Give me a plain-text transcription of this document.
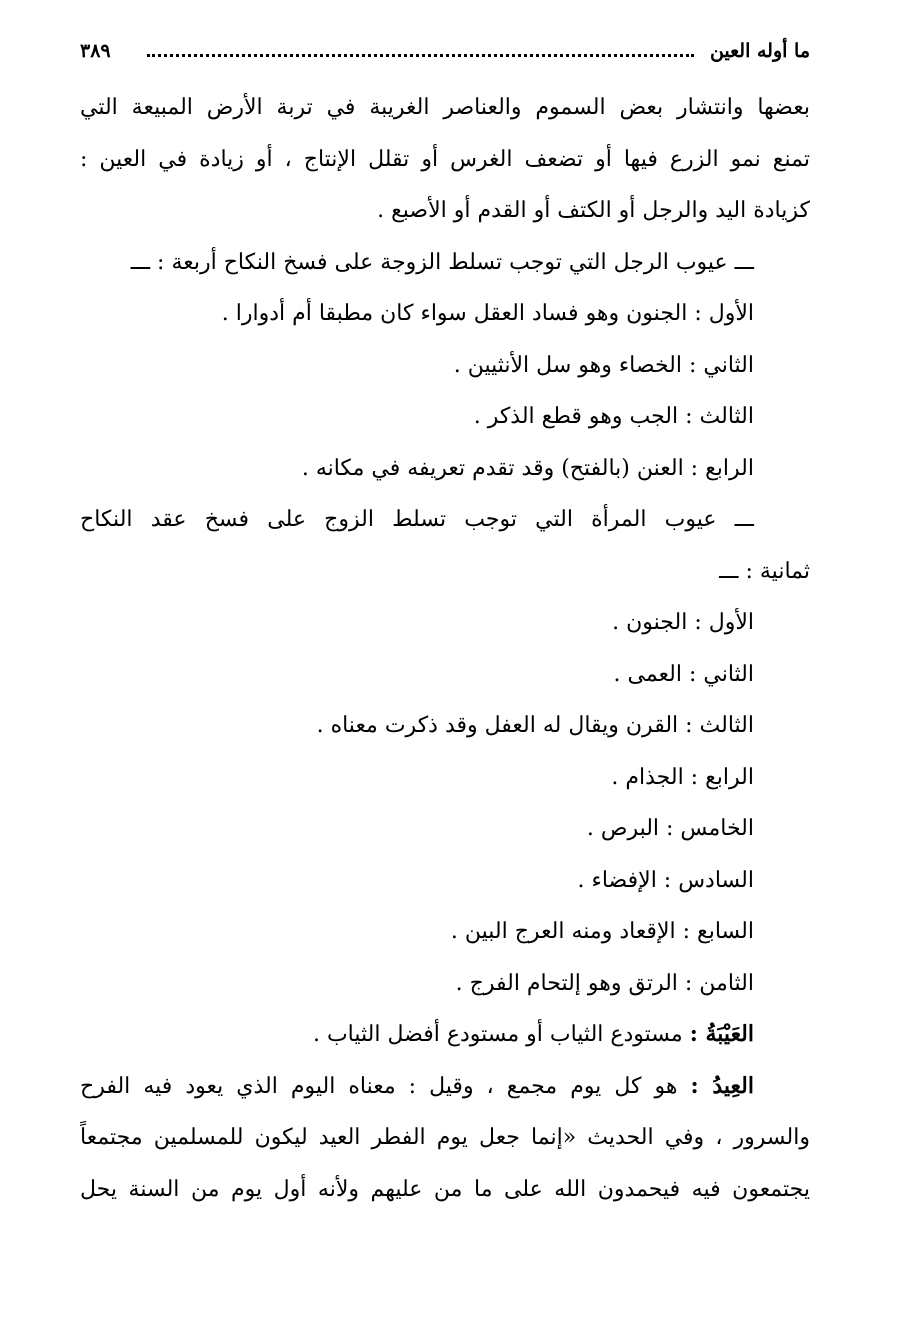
ما أوله العين
٣٨٩
بعضها وانتشار بعض السموم والعناصر الغريبة في تربة الأرض المبيعة التي
تمنع نمو الزرع فيها أو تضعف الغرس أو تقلل الإنتاج ، أو زيادة في العين :
كزيادة اليد والرجل أو الكتف أو القدم أو الأصبع .
ـــ عيوب الرجل التي توجب تسلط الزوجة على فسخ النكاح أربعة : ـــ
الأول : الجنون وهو فساد العقل سواء كان مطبقا أم أدوارا .
الثاني : الخصاء وهو سل الأنثيين .
الثالث : الجب وهو قطع الذكر .
الرابع : العنن (بالفتح) وقد تقدم تعريفه في مكانه .
ـــ عيوب المرأة التي توجب تسلط الزوج على فسخ عقد النكاح
ثمانية : ـــ
الأول : الجنون .
الثاني : العمى .
الثالث : القرن ويقال له العفل وقد ذكرت معناه .
الرابع : الجذام .
الخامس : البرص .
السادس : الإفضاء .
السابع : الإقعاد ومنه العرج البين .
الثامن : الرتق وهو إلتحام الفرج .
العَيْبَةُ : مستودع الثياب أو مستودع أفضل الثياب .
العِيدُ : هو كل يوم مجمع ، وقيل : معناه اليوم الذي يعود فيه الفرح
والسرور ، وفي الحديث «إنما جعل يوم الفطر العيد ليكون للمسلمين مجتمعاً
يجتمعون فيه فيحمدون الله على ما من عليهم ولأنه أول يوم من السنة يحل
